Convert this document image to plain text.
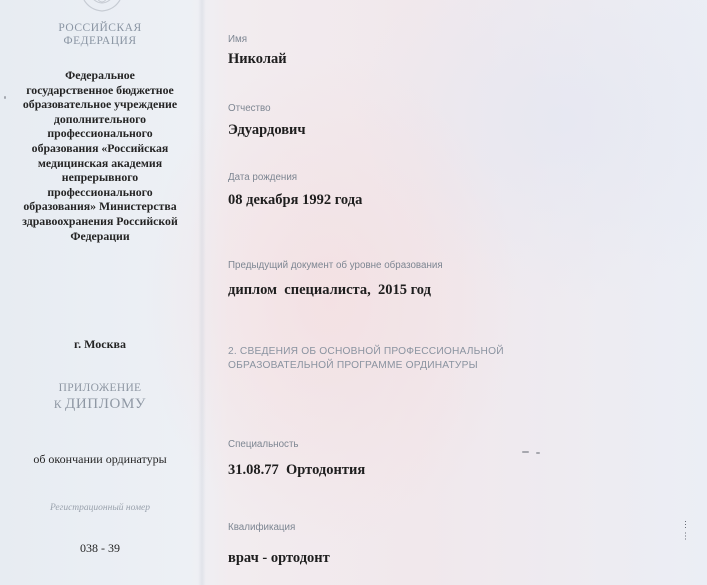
РОССИЙСКАЯ
ФЕДЕРАЦИЯ
Федеральное государственное бюджетное образовательное учреждение дополнительного профессионального образования «Российская медицинская академия непрерывного профессионального образования» Министерства здравоохранения Российской Федерации
г. Москва
ПРИЛОЖЕНИЕ
К ДИПЛОМУ
об окончании ординатуры
Регистрационный номер
038 - 39
Имя
Николай
Отчество
Эдуардович
Дата рождения
08 декабря 1992 года
Предыдущий документ об уровне образования
диплом  специалиста,  2015 год
2. СВЕДЕНИЯ ОБ ОСНОВНОЙ ПРОФЕССИОНАЛЬНОЙ ОБРАЗОВАТЕЛЬНОЙ ПРОГРАММЕ ОРДИНАТУРЫ
Специальность
31.08.77  Ортодонтия
Квалификация
врач - ортодонт
⋯ ⋯
